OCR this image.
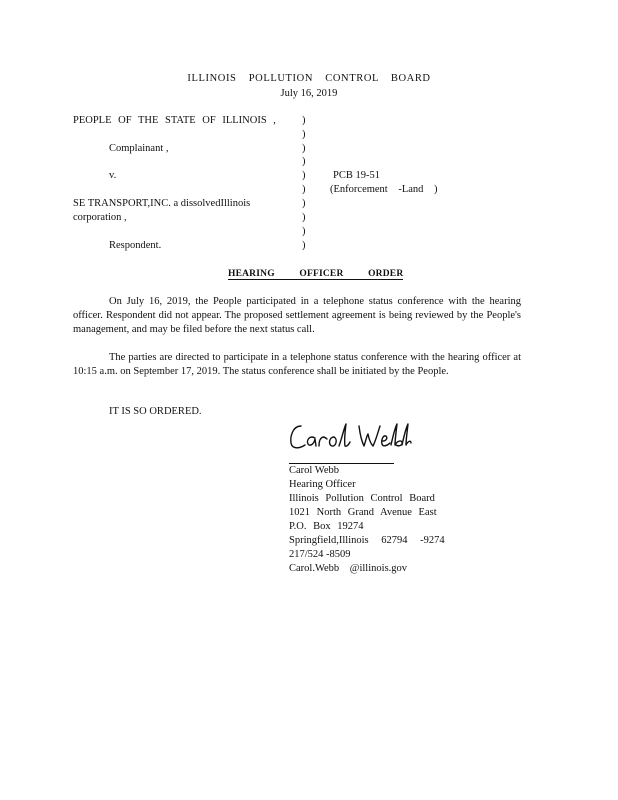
ILLINOIS POLLUTION CONTROL BOARD
July 16, 2019
PEOPLE OF THE STATE OF ILLINOIS ,
Complainant ,
v.
SE TRANSPORT,INC. a dissolvedIllinois
corporation ,
Respondent.
)
)
)
)
)
)
)
)
)
)
PCB 19-51
(Enforcement -Land )
HEARING OFFICER ORDER
On July 16, 2019, the People participated in a telephone status conference with the hearing officer. Respondent did not appear. The proposed settlement agreement is being reviewed by the People's management, and may be filed before the next status call.
The parties are directed to participate in a telephone status conference with the hearing officer at 10:15 a.m. on September 17, 2019. The status conference shall be initiated by the People.
IT IS SO ORDERED.
Carol Webb
Hearing Officer
Illinois Pollution Control Board
1021 North Grand Avenue East
P.O. Box 19274
Springfield,Illinois 62794 -9274
217/524 -8509
Carol.Webb @illinois.gov
